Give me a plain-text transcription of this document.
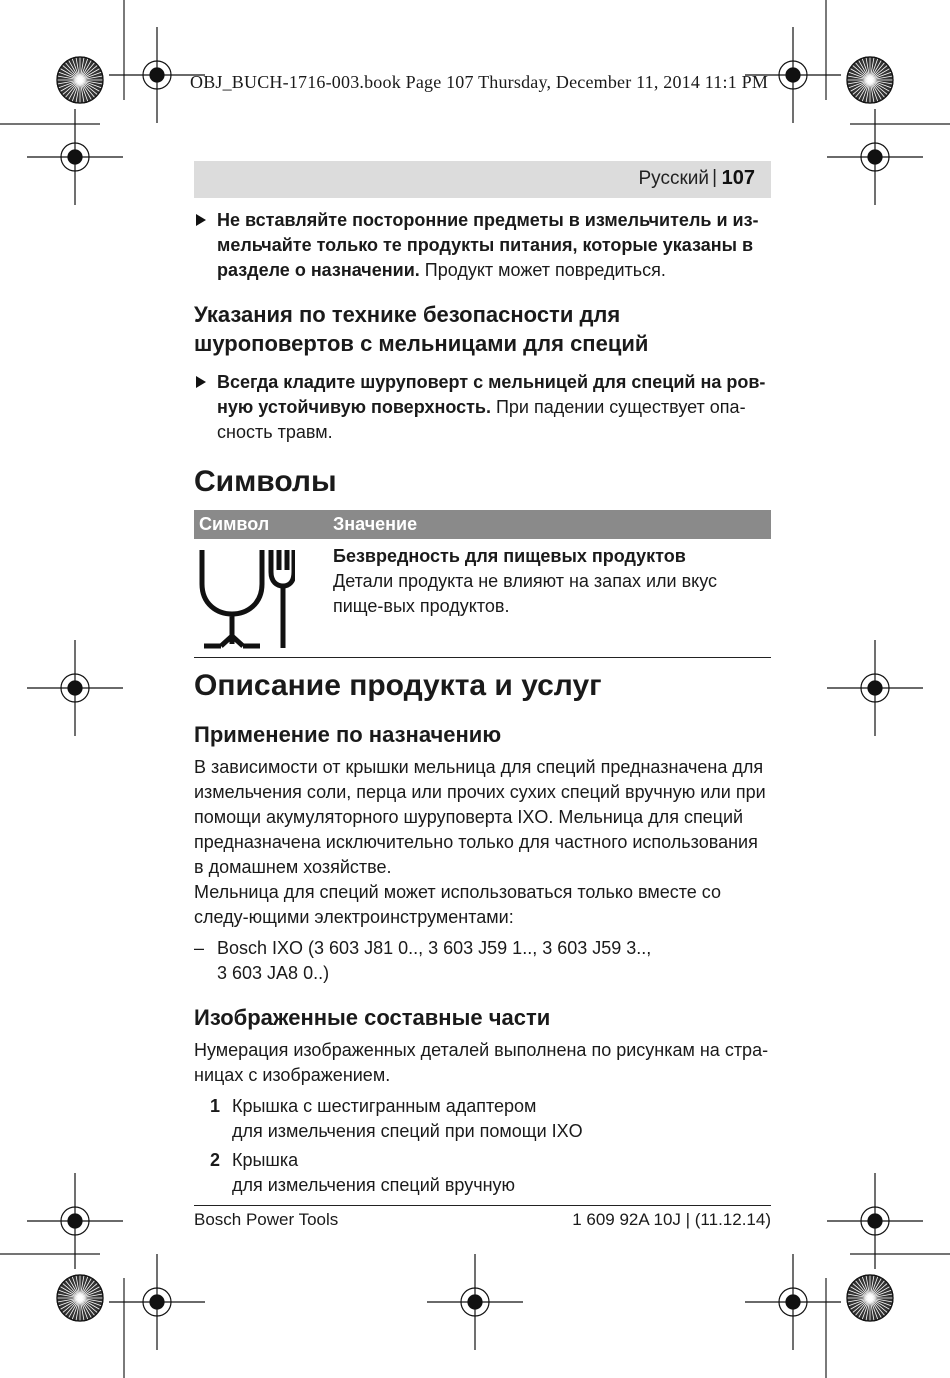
OBJ_BUCH-1716-003.book Page 107 Thursday, December 11, 2014 11:1 PM
Русский | 107
Не вставляйте посторонние предметы в измельчитель и из-мельчайте только те продукты питания, которые указаны в разделе о назначении. Продукт может повредиться.
Указания по технике безопасности для шуроповертов с мельницами для специй
Всегда кладите шуруповерт с мельницей для специй на ров-ную устойчивую поверхность. При падении существует опа-сность травм.
Символы
Символ	Значение
Безвредность для пищевых продуктов
Детали продукта не влияют на запах или вкус пище-вых продуктов.
Описание продукта и услуг
Применение по назначению

В зависимости от крышки мельница для специй предназначена для измельчения соли, перца или прочих сухих специй вручную или при помощи акумуляторного шуруповерта IXO. Мельница для специй предназначена исключительно только для частного использования в домашнем хозяйстве.

Мельница для специй может использоваться только вместе со следу-ющими электроинструментами:

– Bosch IXO (3 603 J81 0.., 3 603 J59 1.., 3 603 J59 3..,
3 603 JA8 0..)
Изображенные составные части

Нумерация изображенных деталей выполнена по рисункам на стра-ницах с изображением.

1 Крышка с шестигранным адаптером
для измельчения специй при помощи IXO
2 Крышка
для измельчения специй вручную
Bosch Power Tools	1 609 92A 10J | (11.12.14)
